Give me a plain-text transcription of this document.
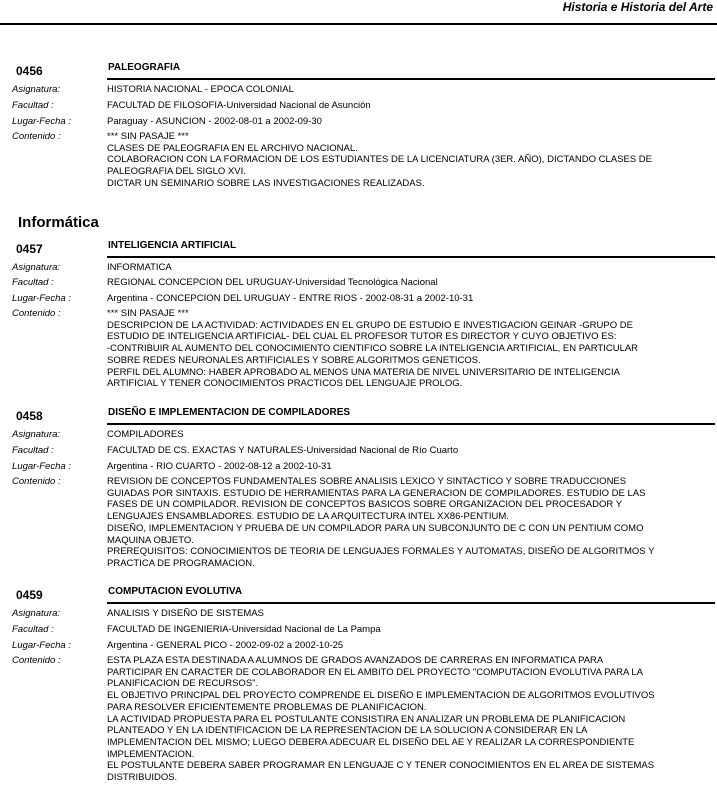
Historia e Historia del Arte
0456	PALEOGRAFIA
Asignatura:	HISTORIA NACIONAL - EPOCA COLONIAL
Facultad :	FACULTAD DE FILOSOFIA-Universidad Nacional de Asunción
Lugar-Fecha :	Paraguay - ASUNCION - 2002-08-01 a 2002-09-30
Contenido :	*** SIN PASAJE ***
CLASES DE PALEOGRAFIA EN EL ARCHIVO NACIONAL.
COLABORACION CON LA FORMACION DE LOS ESTUDIANTES DE LA LICENCIATURA (3ER. AÑO), DICTANDO CLASES DE
PALEOGRAFIA DEL SIGLO XVI.
DICTAR UN SEMINARIO SOBRE LAS INVESTIGACIONES REALIZADAS.
Informática
0457	INTELIGENCIA ARTIFICIAL
Asignatura:	INFORMATICA
Facultad :	REGIONAL CONCEPCION DEL URUGUAY-Universidad Tecnológica Nacional
Lugar-Fecha :	Argentina - CONCEPCION DEL URUGUAY - ENTRE RIOS - 2002-08-31 a 2002-10-31
Contenido :	*** SIN PASAJE ***
DESCRIPCION DE LA ACTIVIDAD: ACTIVIDADES EN EL GRUPO DE ESTUDIO E INVESTIGACION GEINAR -GRUPO DE
ESTUDIO DE INTELIGENCIA ARTIFICIAL- DEL CUAL EL PROFESOR TUTOR ES DIRECTOR Y CUYO OBJETIVO ES:
-CONTRIBUIR AL AUMENTO DEL CONOCIMIENTO CIENTIFICO SOBRE LA INTELIGENCIA ARTIFICIAL, EN PARTICULAR
SOBRE REDES NEURONALES ARTIFICIALES Y SOBRE ALGORITMOS GENETICOS.
PERFIL DEL ALUMNO: HABER APROBADO AL MENOS UNA MATERIA DE NIVEL UNIVERSITARIO DE INTELIGENCIA
ARTIFICIAL Y TENER CONOCIMIENTOS PRACTICOS DEL LENGUAJE PROLOG.
0458	DISEÑO E IMPLEMENTACION DE COMPILADORES
Asignatura:	COMPILADORES
Facultad :	FACULTAD DE CS. EXACTAS Y NATURALES-Universidad Nacional de Río Cuarto
Lugar-Fecha :	Argentina - RIO CUARTO - 2002-08-12 a 2002-10-31
Contenido :	REVISION DE CONCEPTOS FUNDAMENTALES SOBRE ANALISIS LEXICO Y SINTACTICO Y SOBRE TRADUCCIONES
GUIADAS POR SINTAXIS. ESTUDIO DE HERRAMIENTAS PARA LA GENERACION DE COMPILADORES. ESTUDIO DE LAS
FASES DE UN COMPILADOR. REVISION DE CONCEPTOS BASICOS SOBRE ORGANIZACION DEL PROCESADOR Y
LENGUAJES ENSAMBLADORES. ESTUDIO DE LA ARQUITECTURA INTEL XX86-PENTIUM.
DISEÑO, IMPLEMENTACION Y PRUEBA DE UN COMPILADOR PARA UN SUBCONJUNTO DE C CON UN PENTIUM COMO
MAQUINA OBJETO.
PREREQUISITOS: CONOCIMIENTOS DE TEORIA DE LENGUAJES FORMALES Y AUTOMATAS, DISEÑO DE ALGORITMOS Y
PRACTICA DE PROGRAMACION.
0459	COMPUTACION EVOLUTIVA
Asignatura:	ANALISIS Y DISEÑO DE SISTEMAS
Facultad :	FACULTAD DE INGENIERIA-Universidad Nacional de La Pampa
Lugar-Fecha :	Argentina - GENERAL PICO - 2002-09-02 a 2002-10-25
Contenido :	ESTA PLAZA ESTA DESTINADA A ALUMNOS DE GRADOS AVANZADOS DE CARRERAS EN INFORMATICA PARA
PARTICIPAR EN CARACTER DE COLABORADOR EN EL AMBITO DEL PROYECTO "COMPUTACION EVOLUTIVA PARA LA
PLANIFICACION DE RECURSOS".
EL OBJETIVO PRINCIPAL DEL PROYECTO COMPRENDE EL DISEÑO E IMPLEMENTACION DE ALGORITMOS EVOLUTIVOS
PARA RESOLVER EFICIENTEMENTE PROBLEMAS DE PLANIFICACION.
LA ACTIVIDAD PROPUESTA PARA EL POSTULANTE CONSISTIRA EN ANALIZAR UN PROBLEMA DE PLANIFICACION
PLANTEADO Y EN LA IDENTIFICACION DE LA REPRESENTACION DE LA SOLUCION A CONSIDERAR EN LA
IMPLEMENTACION DEL MISMO; LUEGO DEBERA ADECUAR EL DISEÑO DEL AE Y REALIZAR LA CORRESPONDIENTE
IMPLEMENTACION.
EL POSTULANTE DEBERA SABER PROGRAMAR EN LENGUAJE C Y TENER CONOCIMIENTOS EN EL AREA DE SISTEMAS
DISTRIBUIDOS.
